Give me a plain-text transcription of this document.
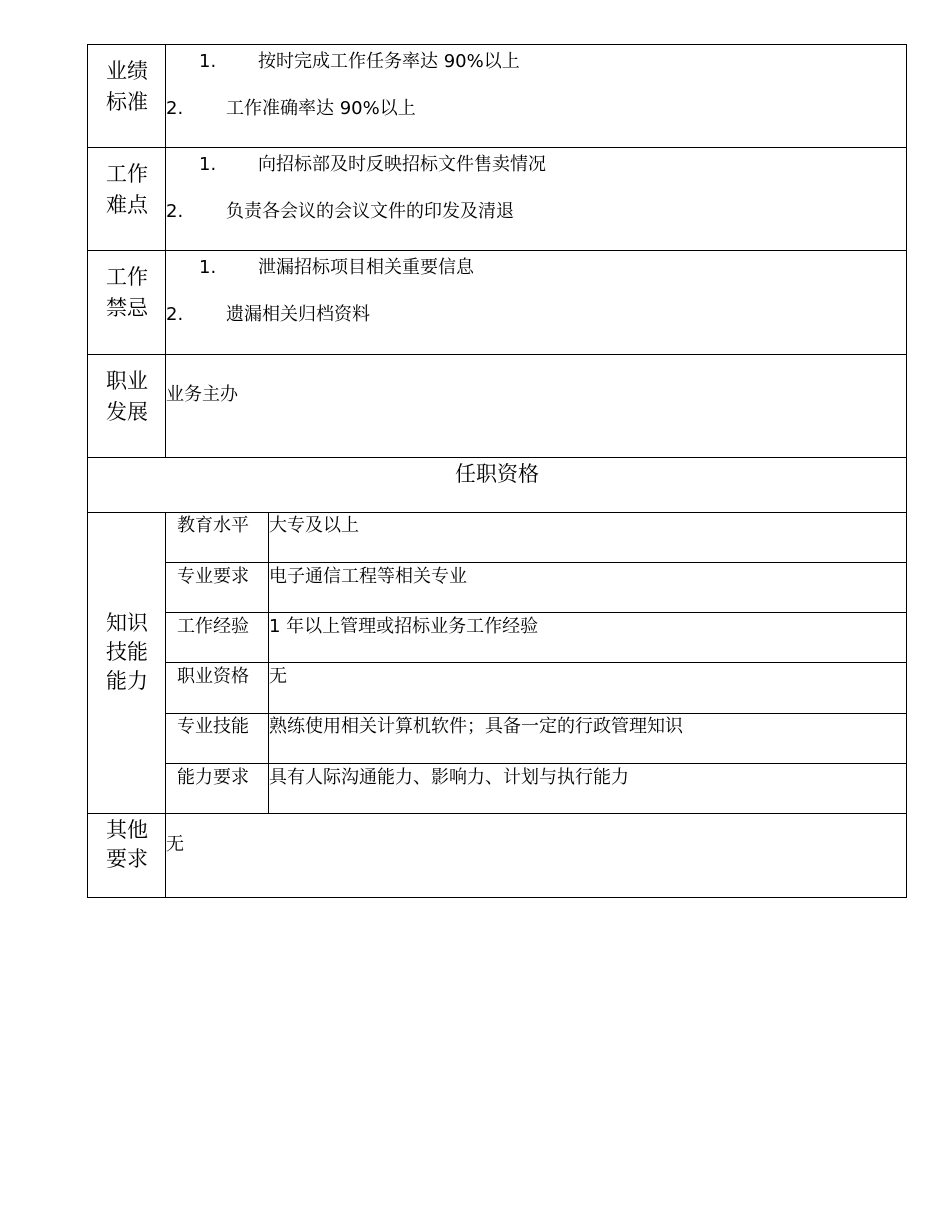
业绩
标准
1. 按时完成工作任务率达 90%以上
2. 工作准确率达 90%以上
工作
难点
1. 向招标部及时反映招标文件售卖情况
2. 负责各会议的会议文件的印发及清退
工作
禁忌
1. 泄漏招标项目相关重要信息
2. 遗漏相关归档资料
职业
发展
业务主办
任职资格
知识
技能
能力
教育水平 大专及以上
专业要求 电子通信工程等相关专业
工作经验 1 年以上管理或招标业务工作经验
职业资格 无
专业技能 熟练使用相关计算机软件；具备一定的行政管理知识
能力要求 具有人际沟通能力、影响力、计划与执行能力
其他
要求
无
